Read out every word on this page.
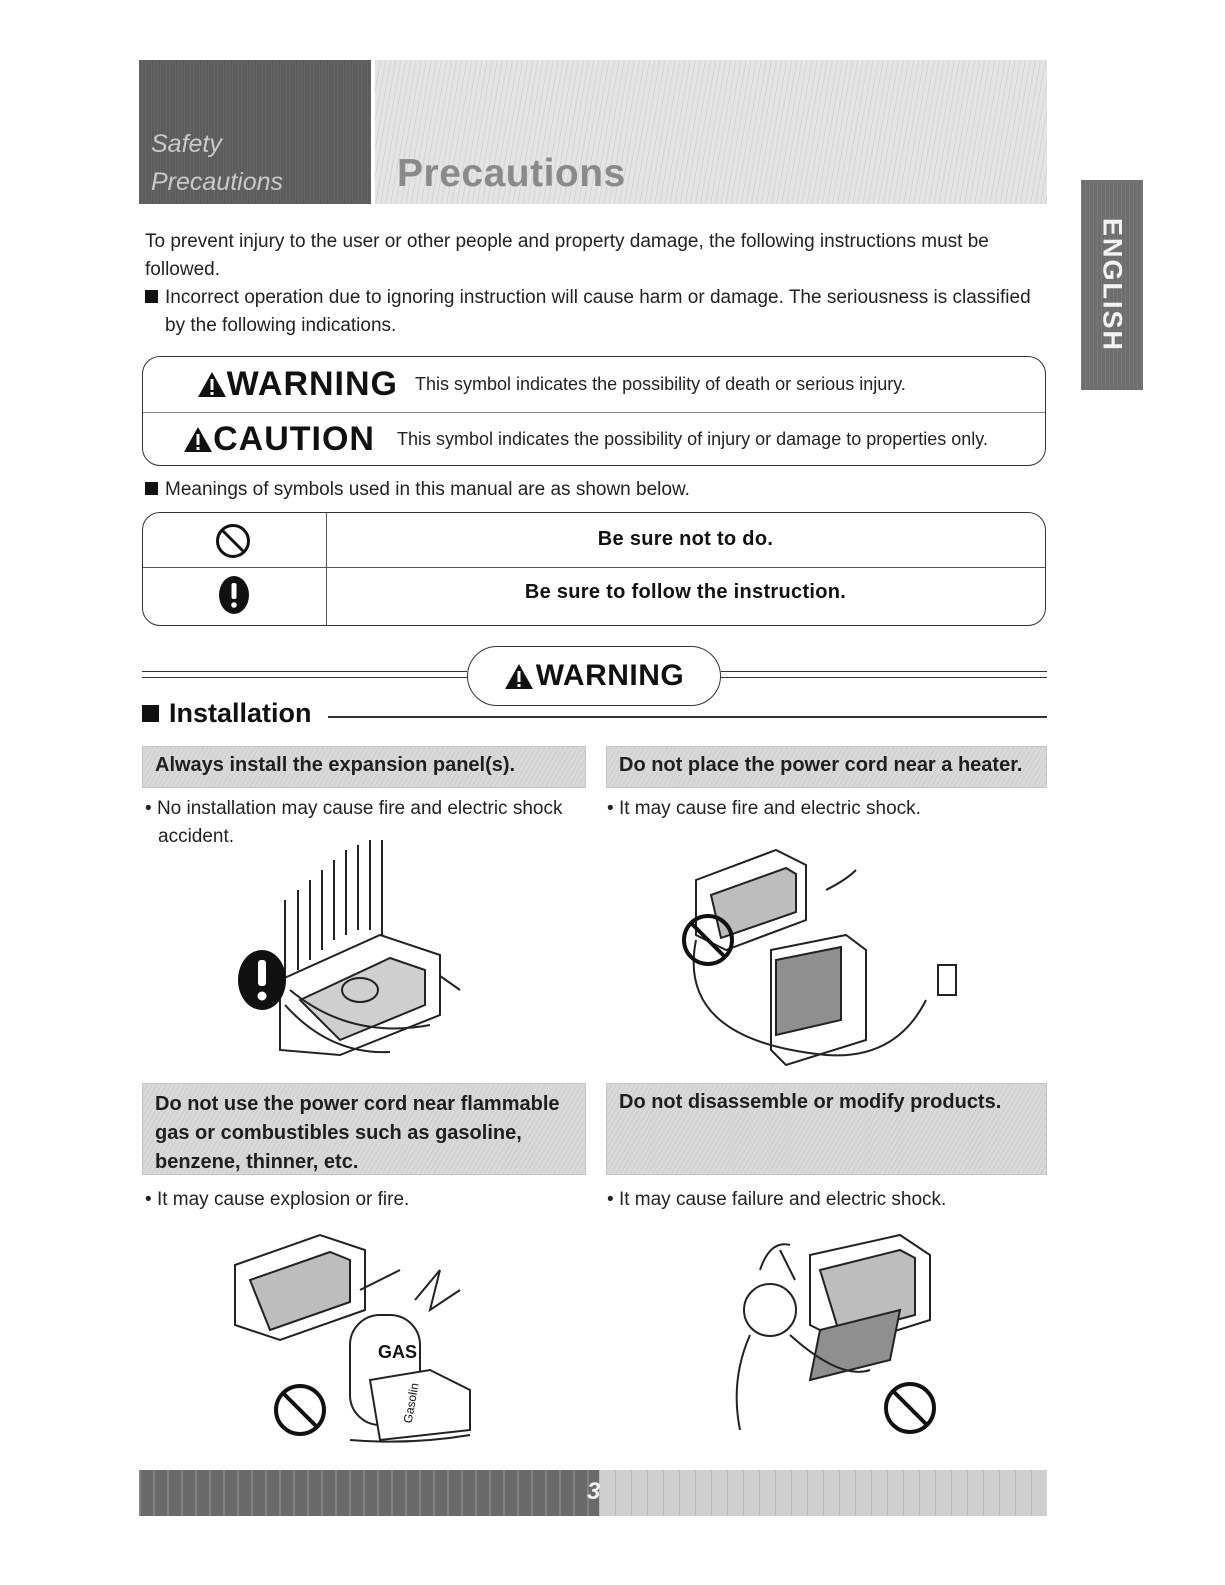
Safety
Precautions	Precautions
ENGLISH
To prevent injury to the user or other people and property damage, the following instructions must be followed.
Incorrect operation due to ignoring instruction will cause harm or damage. The seriousness is classified by the following indications.
WARNING This symbol indicates the possibility of death or serious injury.
CAUTION This symbol indicates the possibility of injury or damage to properties only.
Meanings of symbols used in this manual are as shown below.
Be sure not to do.
Be sure to follow the instruction.
WARNING
Installation
Always install the expansion panel(s).
• No installation may cause fire and electric shock accident.
Do not place the power cord near a heater.
• It may cause fire and electric shock.
Do not use the power cord near flammable gas or combustibles such as gasoline, benzene, thinner, etc.
• It may cause explosion or fire.
GAS
Gasolin
Do not disassemble or modify products.
• It may cause failure and electric shock.
3
